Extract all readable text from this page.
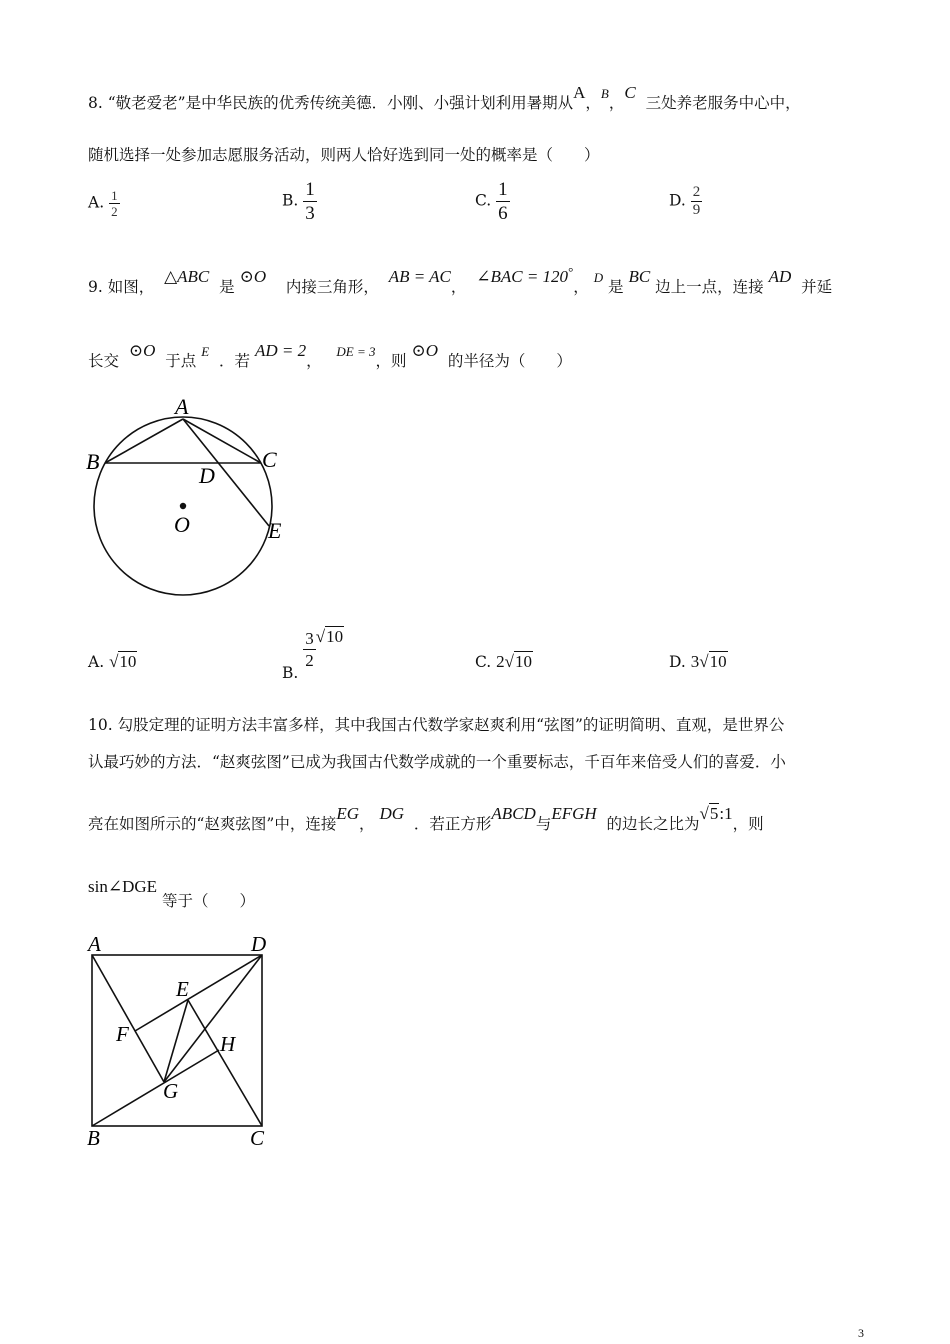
8. “敬老爱老”是中华民族的优秀传统美德．小刚、小强计划利用暑期从A，$^B$，C  三处养老服务中心中，
随机选择一处参加志愿服务活动，则两人恰好选到同一处的概率是（　　）
A. $\frac{1}{2}$	B. $\frac{1}{3}$	C. $\frac{1}{6}$	D. $\frac{2}{9}$
9. 如图，  △ABC  是 ⊙O    内接三角形，  AB = AC，  ∠BAC = 120°， $^D$ 是 BC 边上一点，连接 AD  并延
长交  ⊙O  于点 $^E$  ．若 AD = 2，   $^{DE = 3}$，则 ⊙O  的半径为（　　）
A
B	C
D
O	E
A. √10
B.
$\frac{3}{2} √10$
C. 2√10	D. 3√10
10. 勾股定理的证明方法丰富多样，其中我国古代数学家赵爽利用“弦图”的证明简明、直观，是世界公
认最巧妙的方法．“赵爽弦图”已成为我国古代数学成就的一个重要标志，千百年来倍受人们的喜爱．小
亮在如图所示的“赵爽弦图”中，连接EG， DG  ．若正方形ABCD与EFGH  的边长之比为√5:1，则
sin∠DGE 等于（　　）
A	D
E
F	H
G
B	C
3
